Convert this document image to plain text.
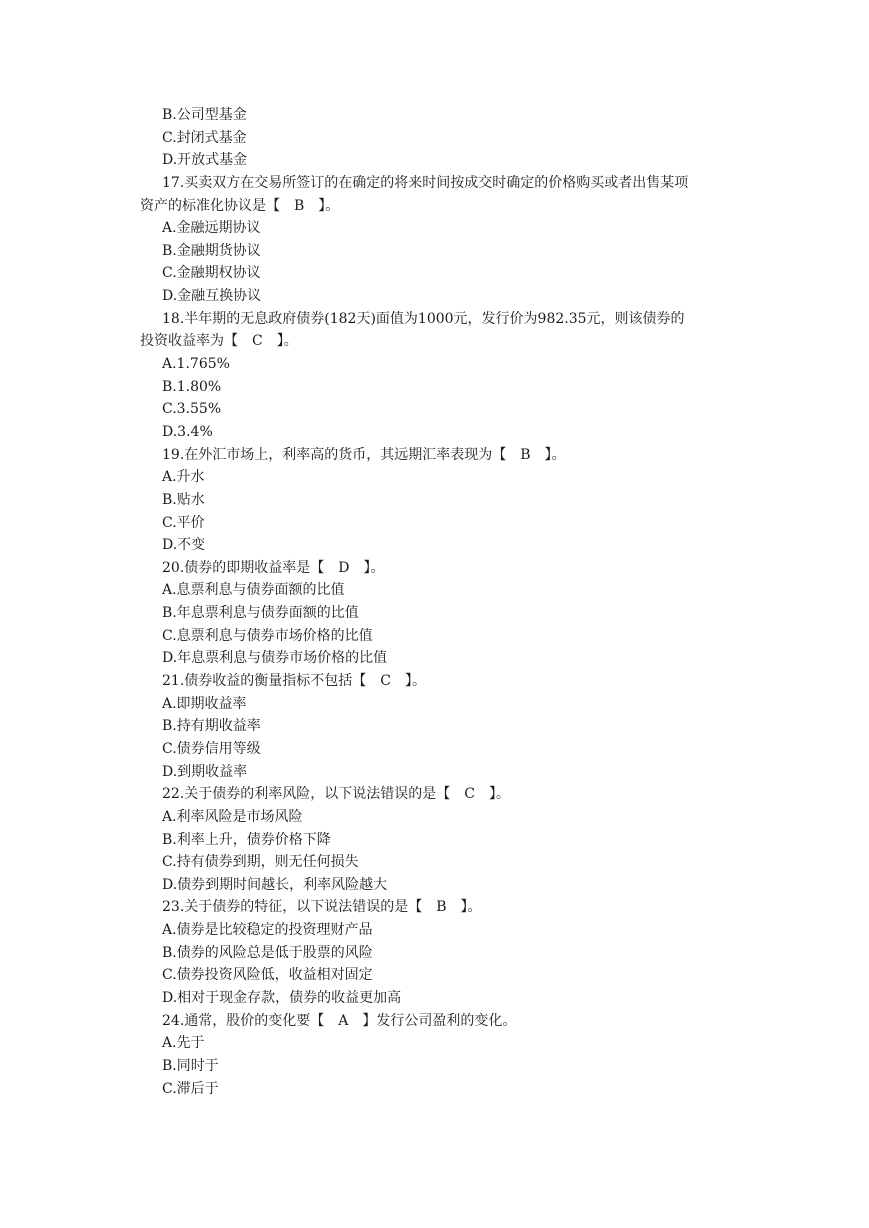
B.公司型基金
C.封闭式基金
D.开放式基金
17.买卖双方在交易所签订的在确定的将来时间按成交时确定的价格购买或者出售某项
资产的标准化协议是【　B　】。
A.金融远期协议
B.金融期货协议
C.金融期权协议
D.金融互换协议
18.半年期的无息政府债券(182天)面值为1000元，发行价为982.35元，则该债券的
投资收益率为【　C　】。
A.1.765%
B.1.80%
C.3.55%
D.3.4%
19.在外汇市场上，利率高的货币，其远期汇率表现为【　B　】。
A.升水
B.贴水
C.平价
D.不变
20.债券的即期收益率是【　D　】。
A.息票利息与债券面额的比值
B.年息票利息与债券面额的比值
C.息票利息与债券市场价格的比值
D.年息票利息与债券市场价格的比值
21.债券收益的衡量指标不包括【　C　】。
A.即期收益率
B.持有期收益率
C.债券信用等级
D.到期收益率
22.关于债券的利率风险，以下说法错误的是【　C　】。
A.利率风险是市场风险
B.利率上升，债券价格下降
C.持有债券到期，则无任何损失
D.债券到期时间越长，利率风险越大
23.关于债券的特征，以下说法错误的是【　B　】。
A.债券是比较稳定的投资理财产品
B.债券的风险总是低于股票的风险
C.债券投资风险低，收益相对固定
D.相对于现金存款，债券的收益更加高
24.通常，股价的变化要【　A　】发行公司盈利的变化。
A.先于
B.同时于
C.滞后于
